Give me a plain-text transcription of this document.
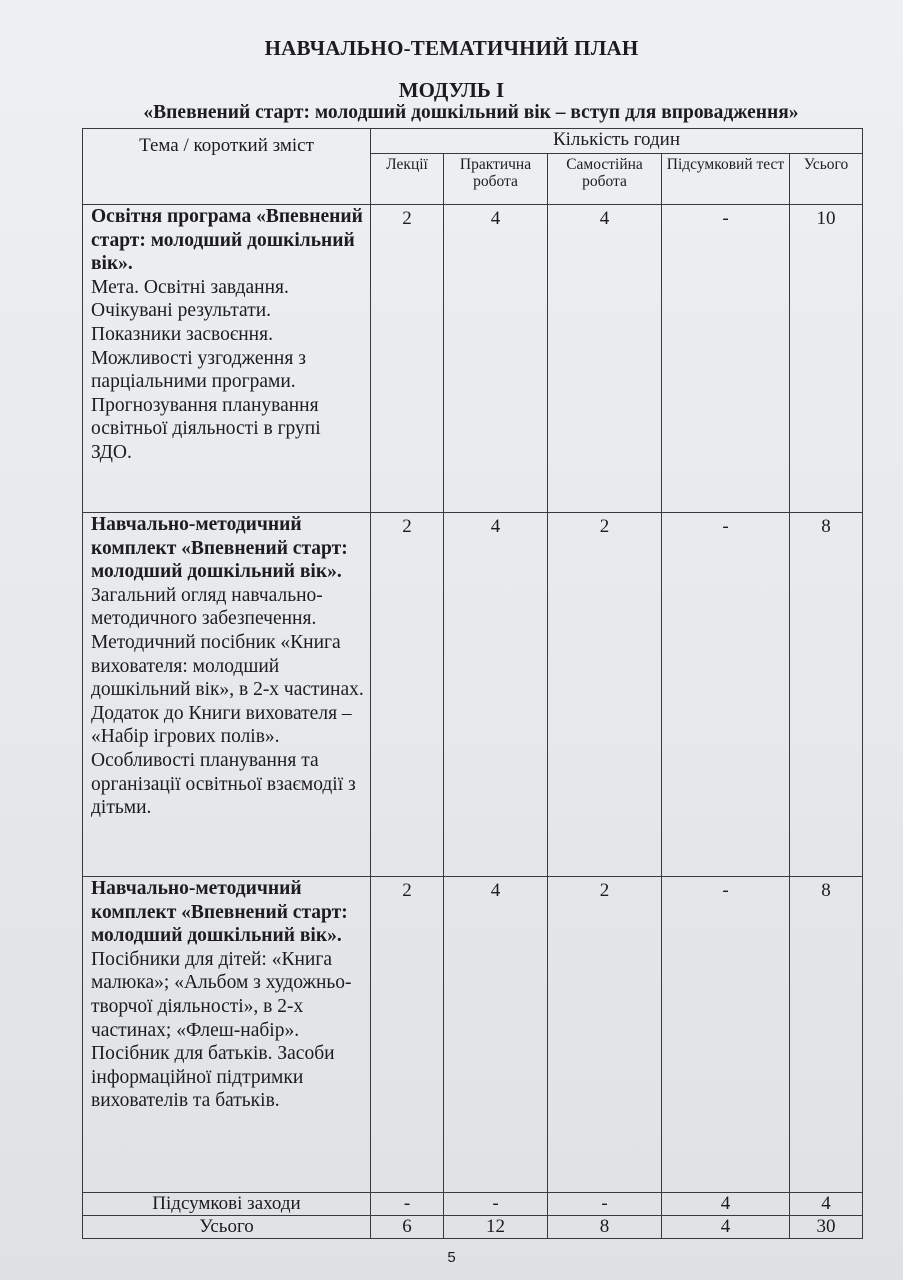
НАВЧАЛЬНО-ТЕМАТИЧНИЙ ПЛАН
МОДУЛЬ І
«Впевнений старт: молодший дошкільний вік – вступ для впровадження»
Тема / короткий зміст	Кількість годин				
	Лекції	Практична робота	Самостійна робота	Підсумковий тест	Усього
Освітня програма «Впевнений старт: молодший дошкільний вік».
Мета. Освітні завдання. Очікувані результати. Показники засвоєння. Можливості узгодження з парціальними програми. Прогнозування планування освітньої діяльності в групі ЗДО.	2	4	4	-	10
Навчально-методичний комплект «Впевнений старт: молодший дошкільний вік».
Загальний огляд навчально-методичного забезпечення. Методичний посібник «Книга вихователя: молодший дошкільний вік», в 2-х частинах. Додаток до Книги вихователя – «Набір ігрових полів». Особливості планування та організації освітньої взаємодії з дітьми.	2	4	2	-	8
Навчально-методичний комплект «Впевнений старт: молодший дошкільний вік».
Посібники для дітей: «Книга малюка»; «Альбом з художньо-творчої діяльності», в 2-х частинах; «Флеш-набір». Посібник для батьків. Засоби інформаційної підтримки вихователів та батьків.	2	4	2	-	8
Підсумкові заходи	-	-	-	4	4
Усього	6	12	8	4	30
5
